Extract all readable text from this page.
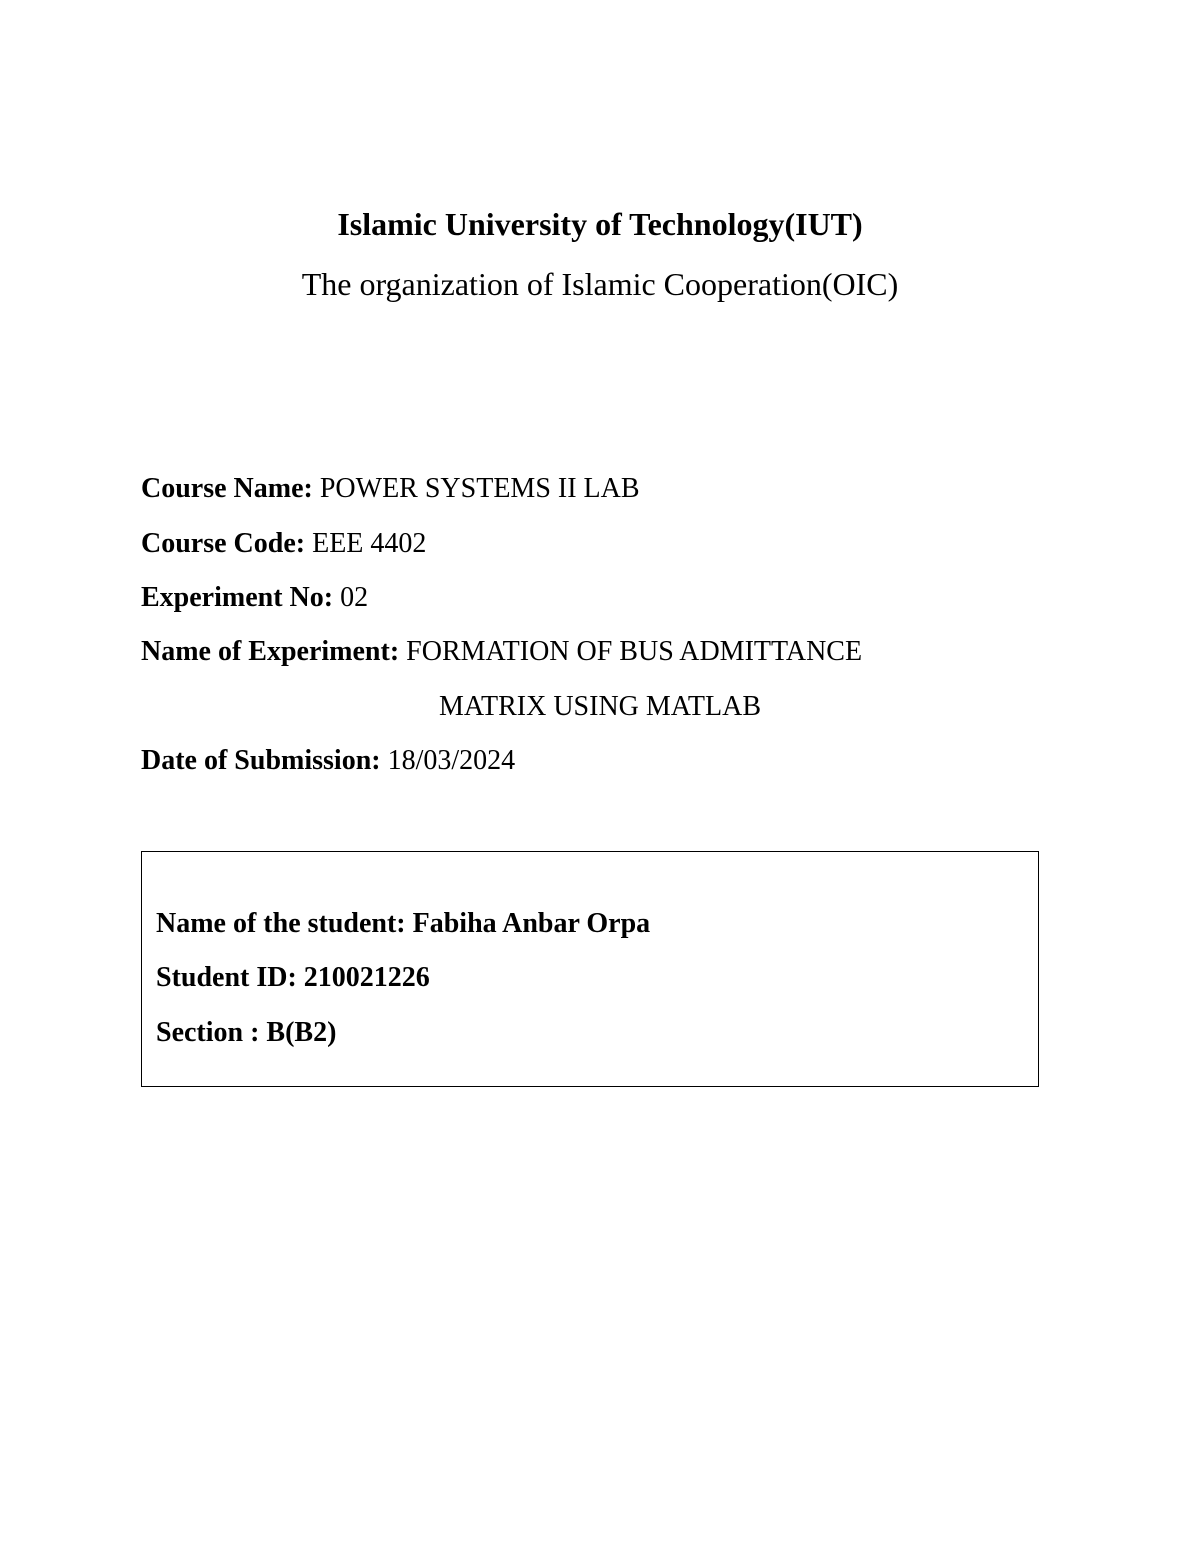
Islamic University of Technology(IUT)

The organization of Islamic Cooperation(OIC)

Course Name: POWER SYSTEMS II LAB
Course Code: EEE 4402
Experiment No: 02
Name of Experiment: FORMATION OF BUS ADMITTANCE
MATRIX USING MATLAB
Date of Submission: 18/03/2024
Name of the student: Fabiha Anbar Orpa
Student ID: 210021226
Section : B(B2)
